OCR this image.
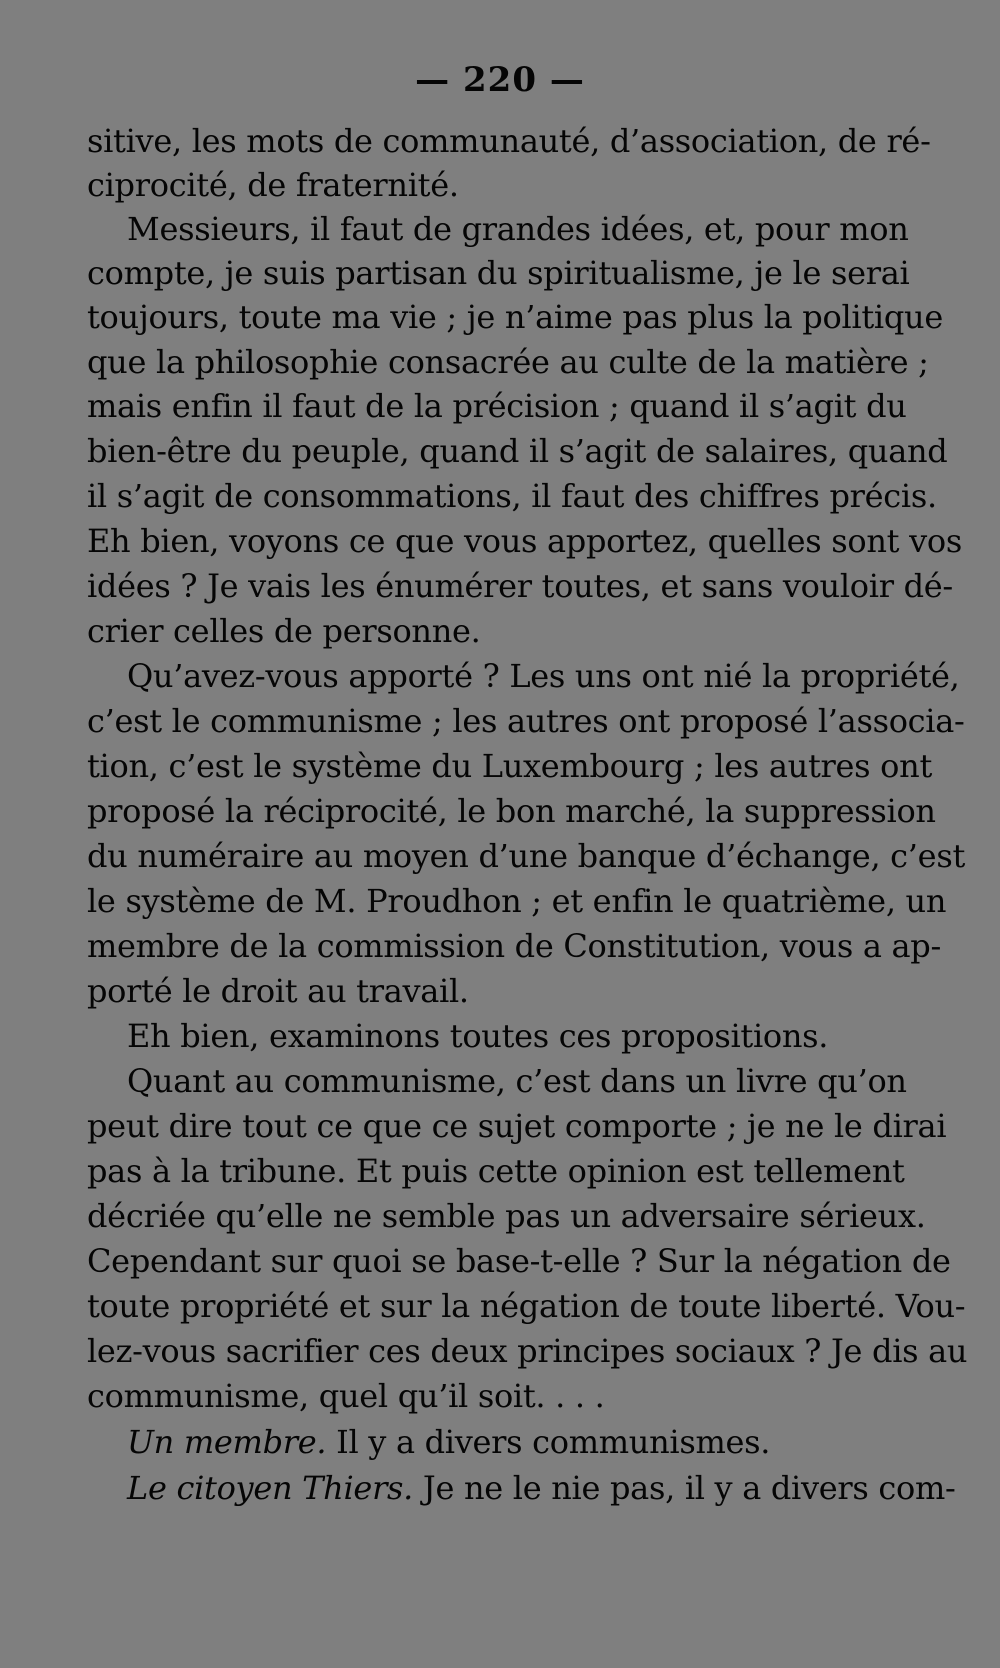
— 220 —
sitive, les mots de communauté, d’association, de ré-
ciprocité, de fraternité.
Messieurs, il faut de grandes idées, et, pour mon
compte, je suis partisan du spiritualisme, je le serai
toujours, toute ma vie ; je n’aime pas plus la politique
que la philosophie consacrée au culte de la matière ;
mais enfin il faut de la précision ; quand il s’agit du
bien-être du peuple, quand il s’agit de salaires, quand
il s’agit de consommations, il faut des chiffres précis.
Eh bien, voyons ce que vous apportez, quelles sont vos
idées ? Je vais les énumérer toutes, et sans vouloir dé-
crier celles de personne.
Qu’avez-vous apporté ? Les uns ont nié la propriété,
c’est le communisme ; les autres ont proposé l’associa-
tion, c’est le système du Luxembourg ; les autres ont
proposé la réciprocité, le bon marché, la suppression
du numéraire au moyen d’une banque d’échange, c’est
le système de M. Proudhon ; et enfin le quatrième, un
membre de la commission de Constitution, vous a ap-
porté le droit au travail.
Eh bien, examinons toutes ces propositions.
Quant au communisme, c’est dans un livre qu’on
peut dire tout ce que ce sujet comporte ; je ne le dirai
pas à la tribune. Et puis cette opinion est tellement
décriée qu’elle ne semble pas un adversaire sérieux.
Cependant sur quoi se base-t-elle ? Sur la négation de
toute propriété et sur la négation de toute liberté. Vou-
lez-vous sacrifier ces deux principes sociaux ? Je dis au
communisme, quel qu’il soit. . . .
Un membre. Il y a divers communismes.
Le citoyen Thiers. Je ne le nie pas, il y a divers com-
